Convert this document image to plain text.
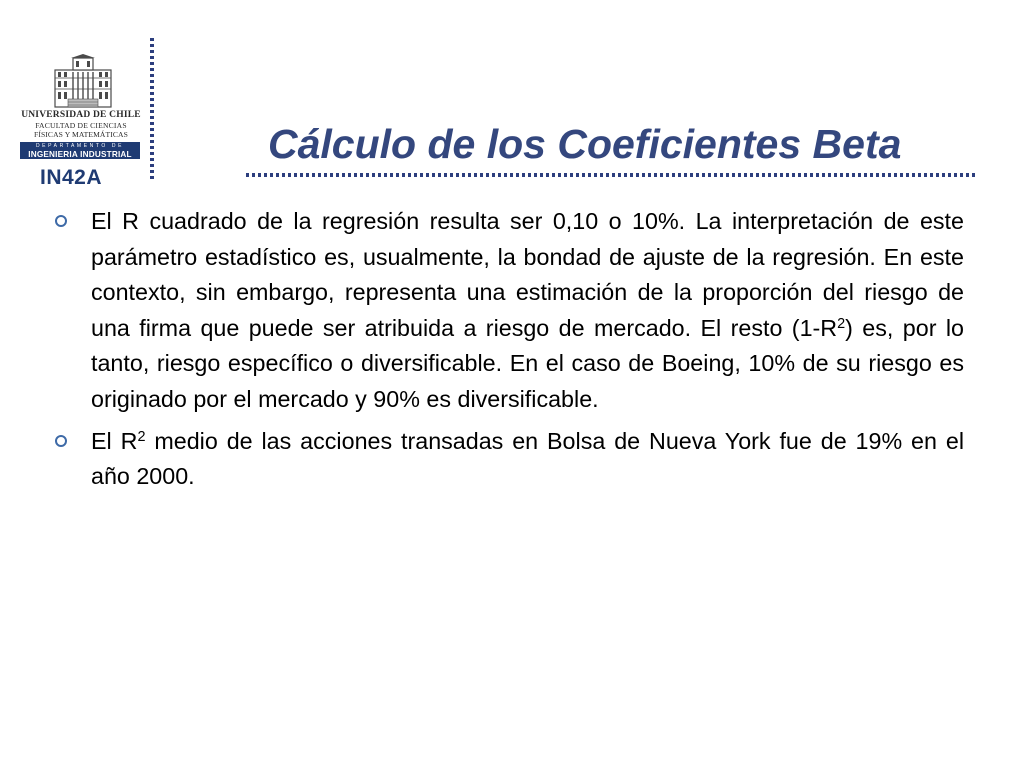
UNIVERSIDAD DE CHILE
FACULTAD DE CIENCIAS
FÍSICAS Y MATEMÁTICAS
DEPARTAMENTO DE
INGENIERIA INDUSTRIAL
IN42A
Cálculo de los Coeficientes Beta

El R cuadrado de la regresión resulta ser 0,10 o 10%. La interpretación de este parámetro estadístico es, usualmente, la bondad de ajuste de la regresión. En este contexto, sin embargo, representa una estimación de la proporción del riesgo de una firma que puede ser atribuida a riesgo de mercado. El resto $(1-R^2)$ es, por lo tanto, riesgo específico o diversificable. En el caso de Boeing, 10% de su riesgo es originado por el mercado y 90% es diversificable.

El $R^2$ medio de las acciones transadas en Bolsa de Nueva York fue de 19% en el año 2000.
